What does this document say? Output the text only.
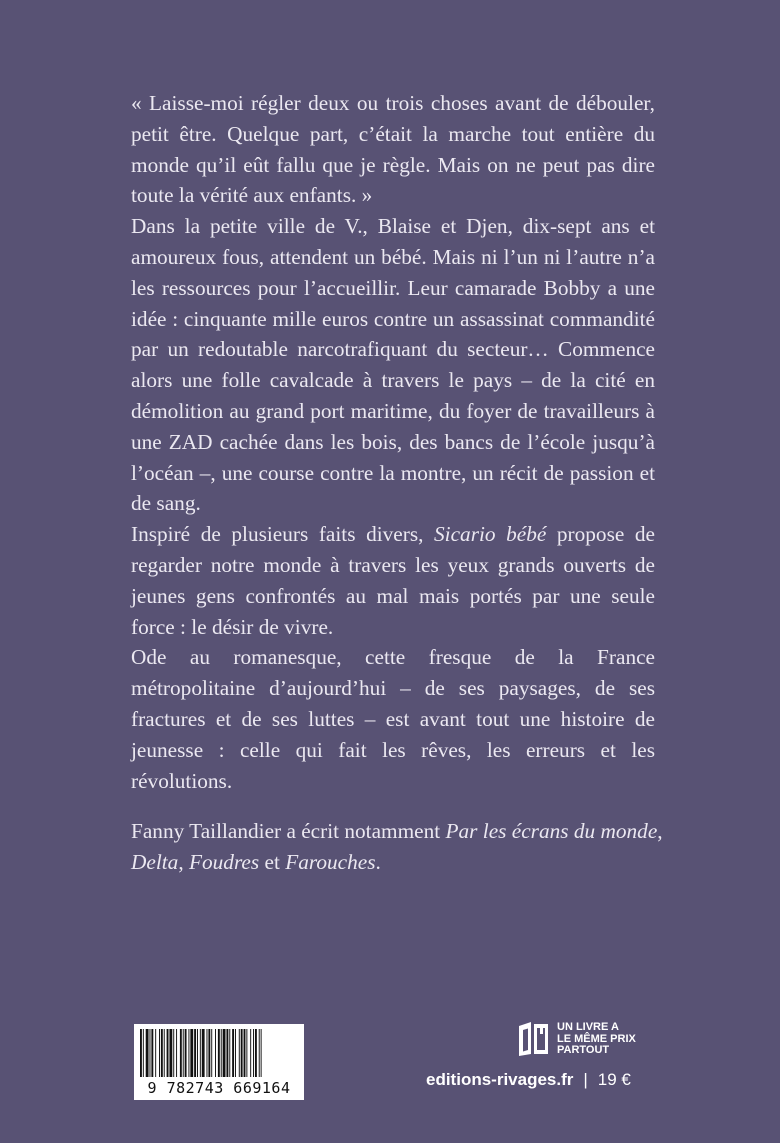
« Laisse-moi régler deux ou trois choses avant de débouler, petit être. Quelque part, c’était la marche tout entière du monde qu’il eût fallu que je règle. Mais on ne peut pas dire toute la vérité aux enfants. »

Dans la petite ville de V., Blaise et Djen, dix-sept ans et amoureux fous, attendent un bébé. Mais ni l’un ni l’autre n’a les ressources pour l’accueillir. Leur camarade Bobby a une idée : cinquante mille euros contre un assassinat commandité par un redoutable narcotrafiquant du secteur… Commence alors une folle cavalcade à travers le pays – de la cité en démolition au grand port maritime, du foyer de travailleurs à une ZAD cachée dans les bois, des bancs de l’école jusqu’à l’océan –, une course contre la montre, un récit de passion et de sang.

Inspiré de plusieurs faits divers, Sicario bébé propose de regarder notre monde à travers les yeux grands ouverts de jeunes gens confrontés au mal mais portés par une seule force : le désir de vivre.

Ode au romanesque, cette fresque de la France métropolitaine d’aujourd’hui – de ses paysages, de ses fractures et de ses luttes – est avant tout une histoire de jeunesse : celle qui fait les rêves, les erreurs et les révolutions.

Fanny Taillandier a écrit notamment Par les écrans du monde, Delta, Foudres et Farouches.

9 782743 669164
UN LIVRE A
LE MÊME PRIX
PARTOUT
editions-rivages.fr | 19 €
